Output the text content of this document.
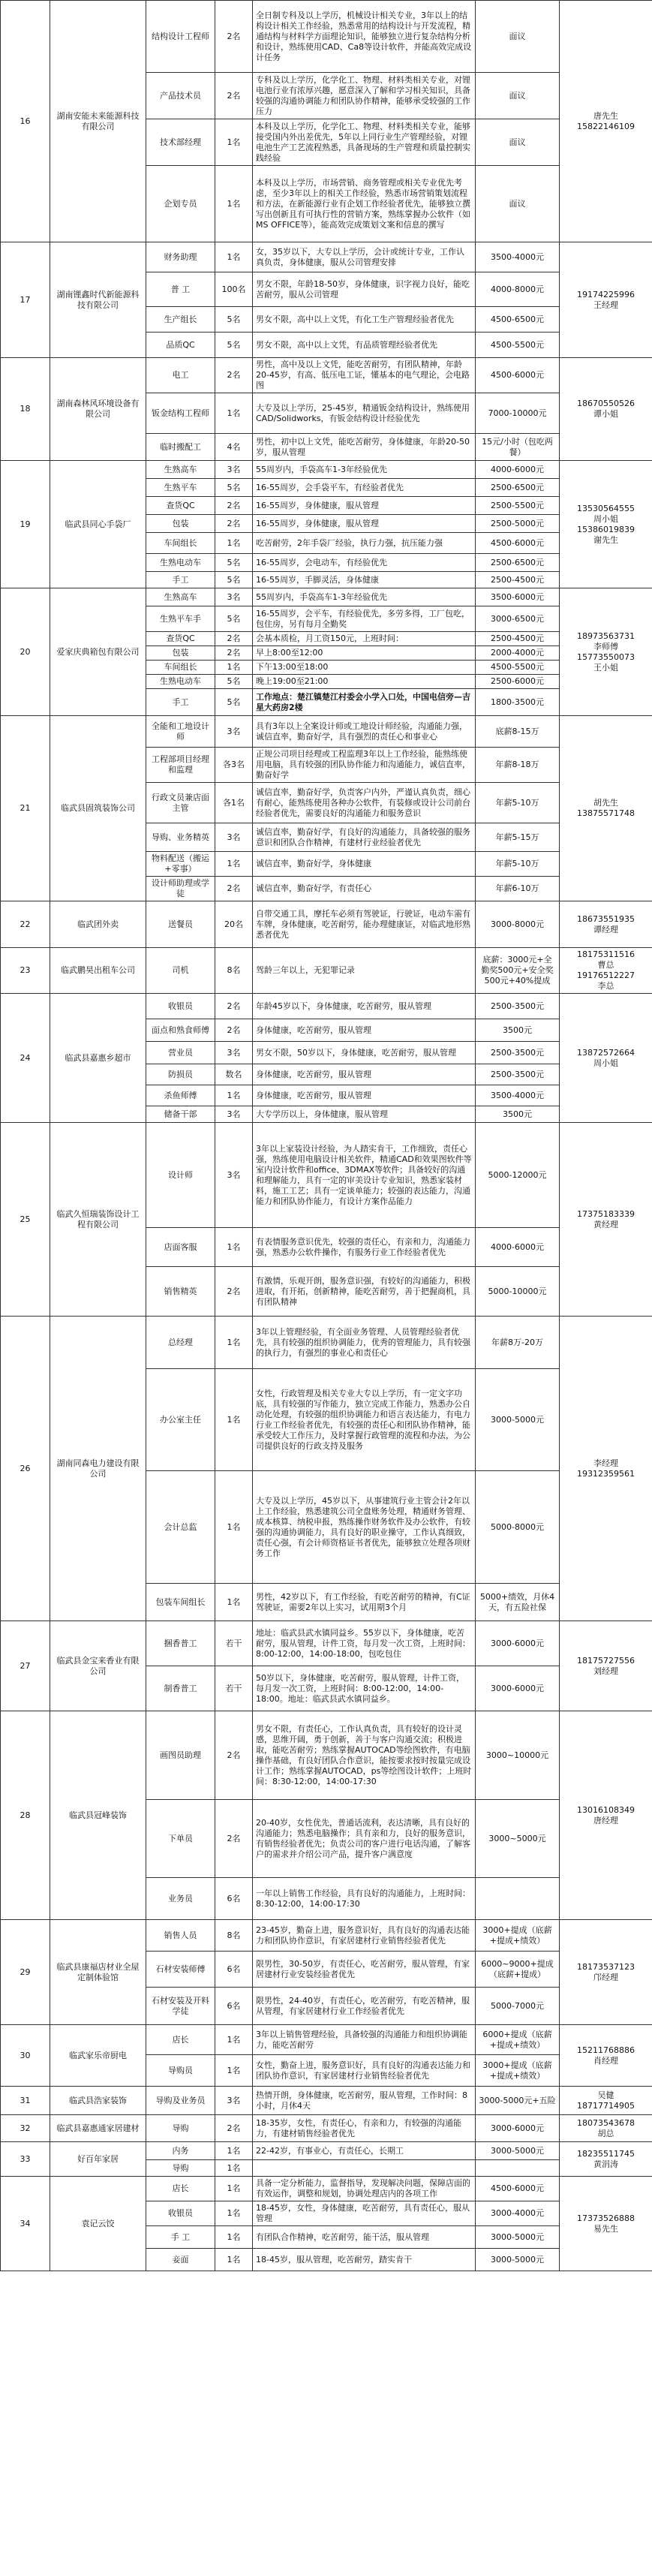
16	湖南安能未来能源科技有限公司	结构设计工程师	2名	全日制专科及以上学历，机械设计相关专业，3年以上的结构设计相关工作经验，熟悉常用的结构设计与开发流程，精通结构与材料学方面理论知识，能够独立进行复杂结构分析和设计，熟练使用CAD、Ca8等设计软件，并能高效完成设计任务	面议	唐先生
15822146109
		产品技术员	2名	专科及以上学历，化学化工、物理、材料类相关专业，对锂电池行业有浓厚兴趣，愿意深入了解和学习相关知识，具备较强的沟通协调能力和团队协作精神，能够承受较强的工作压力	面议	
		技术部经理	1名	本科及以上学历，化学化工、物理、材料类相关专业，能够接受国内外出差优先，5年以上同行业生产管理经验，对锂电池生产工艺流程熟悉，具备现场的生产管理和质量控制实践经验	面议	
		企划专员	1名	本科及以上学历，市场营销、商务管理或相关专业优先考虑，至少3年以上的相关工作经验，熟悉市场营销策划流程和方法，在新能源行业有企划工作经验者优先，能够独立撰写出创新且有可执行性的营销方案，熟练掌握办公软件（如MS OFFICE等），能高效完成策划文案和信息的撰写	面议	
17	湖南锂鑫时代新能源科技有限公司	财务助理	1名	女，35岁以下，大专以上学历，会计或统计专业，工作认真负责，身体健康，服从公司管理安排	3500-4000元	19174225996
王经理
		普 工	100名	男女不限，年龄18-50岁，身体健康，识字视力良好，能吃苦耐劳，服从公司管理	4000-8000元	
		生产组长	5名	男女不限，高中以上文凭，有化工生产管理经验者优先	4500-6500元	
		品质QC	5名	男女不限，高中以上文凭，有品质管理经验者优先	4500-5500元	
18	湖南森林风环境设备有限公司	电工	2名	男性，高中及以上文凭，能吃苦耐劳，有团队精神，年龄20-45岁，有高、低压电工证，懂基本的电气理论，会电路图	4500-6000元	18670550526
谭小姐
		钣金结构工程师	1名	大专及以上学历，25-45岁，精通钣金结构设计，熟练使用CAD/Solidworks，有钣金结构设计经验优先	7000-10000元	
		临时搬配工	4名	男性，初中以上文凭，能吃苦耐劳，身体健康，年龄20-50岁，服从管理	15元/小时（包吃两餐）	
19	临武县同心手袋厂	生熟高车	3名	55周岁内，手袋高车1-3年经验优先	4000-6000元	13530564555
周小姐
15386019839
谢先生
		生熟平车	5名	16-55周岁，会手袋平车，有经验者优先	2500-6500元	
		查货QC	2名	16-55周岁，身体健康，服从管理	2500-5500元	
		包装	2名	16-55周岁，身体健康，服从管理	2500-5000元	
		车间组长	1名	吃苦耐劳，2年手袋厂经验，执行力强，抗压能力强	4500-6000元	
		生熟电动车	5名	16-55周岁，会电动车，有经验优先	2500-6500元	
		手工	5名	16-55周岁，手脚灵活，身体健康	2500-4500元	
20	爱家庆典箱包有限公司	生熟高车	3名	55周岁内，手袋高车1-3年经验优先	3500-6000元	18973563731
李师傅
15773550073
王小姐
		生熟平车手	5名	16-55周岁，会平车，有经验优先，多劳多得，工厂包吃，包住房，另有每月全勤奖	3000-6500元	
		查货QC	2名	会基本质检，月工资150元，上班时间：	2500-4500元	
		包装	2名	早上8:00至12:00	2000-4000元	
		车间组长	1名	下午13:00至18:00	4500-5500元	
		生熟电动车	5名	晚上19:00至21:00	2500-6000元	
		手工	5名	工作地点：楚江镇楚江村委会小学入口处，中国电信旁—吉星大药房2楼	1800-3500元	
21	临武县固筑装饰公司	全能和工地设计师	3名	具有3年以上全案设计师或工地设计师经验，沟通能力强，诚信直率，勤奋好学，具有强烈的责任心和事业心	底薪8-15万	胡先生
13875571748
		工程部项目经理和监理	各3名	正规公司项目经理或工程监理3年以上工作经验，能熟练使用电脑，具有较强的团队协作能力和沟通能力，诚信直率，勤奋好学	年薪8-18万	
		行政文员兼店面主管	各1名	诚信直率，勤奋好学，负责客户内外，严谨认真负责，细心有耐心，能熟练使用各种办公软件，有装修或设计公司前台经验者优先，需要良好的沟通能力和服务意识	年薪5-10万	
		导购、业务精英	3名	诚信直率，勤奋好学，有良好的沟通能力，具备较强的服务意识和团队合作精神，有建材行业经验者优先	年薪5-15万	
		物料配送（搬运+零事）	1名	诚信直率，勤奋好学，身体健康	年薪5-10万	
		设计师助理或学徒	2名	诚信直率，勤奋好学，有责任心	年薪6-10万	
22	临武团外卖	送餐员	20名	自带交通工具，摩托车必须有驾驶证，行驶证，电动车需有车牌，身体健康，吃苦耐劳，能办理健康证，对临武地形熟悉者优先	3000-8000元	18673551935
谭经理
23	临武鹏昊出租车公司	司机	8名	驾龄三年以上，无犯罪记录	底薪：3000元+全勤奖500元+安全奖500元+40%提成	18175311516
曹总
19176512227
李总
24	临武县嘉惠乡超市	收银员	2名	年龄45岁以下，身体健康，吃苦耐劳，服从管理	2500-3500元	13872572664
周小姐
		面点和熟食师傅	2名	身体健康，吃苦耐劳，服从管理	3500元	
		营业员	3名	男女不限，50岁以下，身体健康，吃苦耐劳，服从管理	2500-3500元	
		防损员	数名	身体健康，吃苦耐劳，服从管理	2500-3500元	
		杀鱼师傅	1名	身体健康，吃苦耐劳，服从管理	3500-4000元	
		储备干部	3名	大专学历以上，身体健康，服从管理	3500元	
25	临武久恒瑞装饰设计工程有限公司	设计师	3名	3年以上家装设计经验，为人踏实肯干，工作细致，责任心强，熟练使用电脑设计相关软件，精通CAD和效果图软件等室内设计软件和office、3DMAX等软件；具备较好的沟通和理解能力，具有一定的审美设计专业知识，熟悉家装材料，施工工艺；具有一定谈单能力；较强的表达能力，沟通能力和团队协作能力，有设计方案作品能力	5000-12000元	17375183339
黄经理
		店面客服	1名	有表情服务意识优先，较强的责任心，有亲和力，沟通能力强，熟悉办公软件操作，有服务行业工作经验者优先	4000-6000元	
		销售精英	2名	有激情，乐观开朗，服务意识强，有较好的沟通能力，积极进取，有开拓，创新精神，能吃苦耐劳，善于把握商机，具有团队精神	5000-10000元	
26	湖南同森电力建设有限公司	总经理	1名	3年以上管理经验，有全面业务管理、人员管理经验者优先，具有较强的组织协调能力，优秀的管理能力，具有较强的执行力，有强烈的事业心和责任心	年薪8万-20万	李经理
19312359561
		办公室主任	1名	女性，行政管理及相关专业大专以上学历，有一定文字功底，具有较强的写作能力，独立完成工作能力，熟悉办公自动化处理，有较强的组织协调能力和语言表达能力，有电力行业工作经验者优先，有较强的责任心和团队协作精神，能承受较大工作压力，及时掌握行政管理的流程和办法，为公司提供良好的行政支持及服务	3000-5000元	
		会计总监	1名	大专及以上学历，45岁以下，从事建筑行业主管会计2年以上工作经验，熟悉建筑公司全盘账务处理，精通财务管理、成本核算、纳税申报，熟练操作财务软件及办公软件，有较强的沟通协调能力，具有良好的职业操守，工作认真细致，责任心强，有会计师资格证书者优先，能够独立处理各项财务工作	5000-8000元	
		包装车间组长	1名	男性，42岁以下，有工作经验，有吃苦耐劳的精神，有C证驾驶证，需要2年以上实习，试用期3个月	5000+绩效，月休4天，有五险社保	
27	临武县金宝来香业有限公司	捆香普工	若干	地址：临武县武水镇同益乡。55岁以下，身体健康，吃苦耐劳，服从管理，计件工资，每月发一次工资，上班时间：8:00-12:00，14:00-18:00，包吃包住	3000-6000元	18175727556
刘经理
		制香普工	若干	50岁以下，身体健康，吃苦耐劳，服从管理，计件工资，每月发一次工资，上班时间：8:00-12:00，14:00-18:00。地址：临武县武水镇同益乡。	3000-6000元	
28	临武县冠峰装饰	画图员助理	2名	男女不限，有责任心，工作认真负责，具有较好的设计灵感，思维开阔，勇于创新，善于与客户沟通交流；积极进取，能吃苦耐劳；熟练掌握AUTOCAD等绘图软件，有电脑操作基础，有良好团队合作意识，能按要求按时按量完成设计工作；熟练掌握AUTOCAD，ps等绘图设计软件；上班时间：8:30-12:00，14:00-17:30	3000~10000元	13016108349
唐经理
		下单员	2名	20-40岁，女性优先，普通话流利，表达清晰，具有良好的沟通能力；熟悉电脑操作；具有亲和力，良好的服务意识，有销售经验者优先；负责公司的客户进行电话沟通，了解客户的需求并介绍公司产品，提升客户满意度	3000~5000元	
		业务员	6名	一年以上销售工作经验，具有良好的沟通能力，上班时间：8:30-12:00，14:00-17:30		
29	临武县康福店材业全屋定制体验馆	销售人员	8名	23-45岁，勤奋上进，服务意识好，具有良好的沟通表达能力和团队协作意识，有家居建材行业销售经验者优先	3000+提成（底薪+提成+绩效）	18173537123
邝经理
		石材安装师傅	6名	限男性，30-50岁，有责任心，吃苦耐劳，服从管理，有家居建材行业安装经验者优先	6000~9000+提成（底薪+提成）	
		石材安装及开料学徒	6名	限男性，24-40岁，有责任心，吃苦耐劳，有吃苦精神，服从管理，有家居建材行业工作经验者优先	5000-7000元	
30	临武家乐帝厨电	店长	1名	3年以上销售管理经验，具备较强的沟通能力和组织协调能力，能吃苦耐劳	6000+提成（底薪+提成+绩效）	15211768886
肖经理
		导购员	1名	女性，勤奋上进，服务意识好，具有良好的沟通表达能力和团队协作意识，有家居建材行业销售经验者优先	3000+提成（底薪+提成+绩效）	
31	临武县浩家装饰	导购及业务员	3名	热情开朗，身体健康，吃苦耐劳，服从管理，工作时间：8小时，月休4天	3000-5000元+五险	吴健
18717714905
32	临武县嘉惠通家居建材	导购	2名	18-35岁，女性，有责任心，有亲和力，有较强的沟通能力，有建材销售经验者优先	3000-6000元	18073543678
胡总
33	好百年家居	内务	1名	22-42岁，有事业心，有责任心，长期工	3000-5000元	18235511745
黄涓涛
		导购	1名			
34	袁记云饺	店长	1名	具备一定分析能力，监督指导，发现解决问题，保障店面的有效运作，调整和规划，协调处理店内的各项工作	4500-6000元	17373526888
易先生
		收银员	1名	18-45岁，女性，身体健康，吃苦耐劳，具有责任心，服从管理	3000-4000元	
		手 工	1名	有团队合作精神，吃苦耐劳，能干活，服从管理	3000-5000元	
		妾面	1名	18-45岁，服从管理，吃苦耐劳，踏实肯干	3000-5000元	
